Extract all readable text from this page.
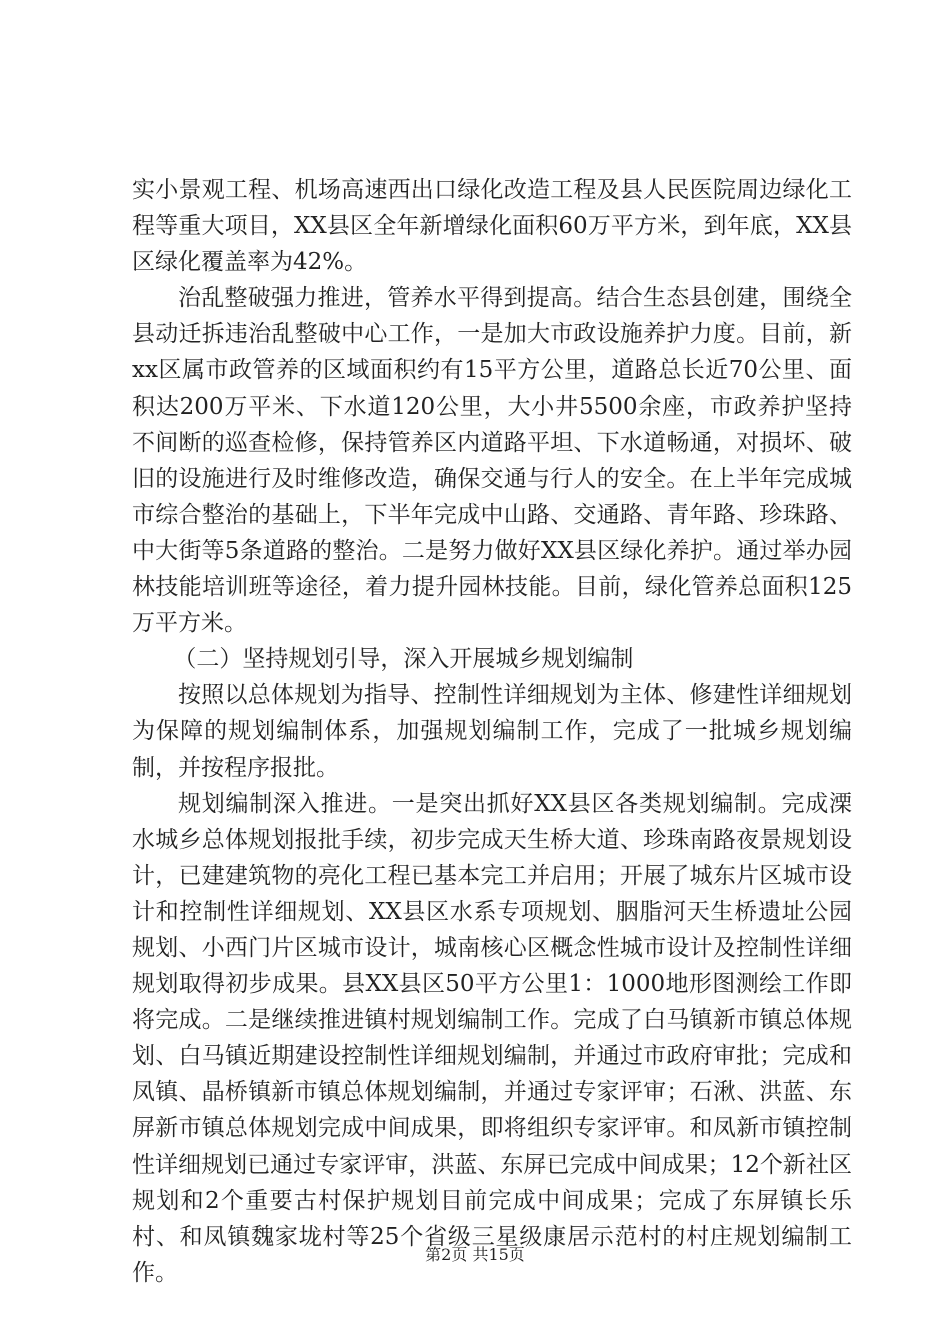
实小景观工程、机场高速西出口绿化改造工程及县人民医院周边绿化工程等重大项目，XX县区全年新增绿化面积60万平方米，到年底，XX县区绿化覆盖率为42%。

治乱整破强力推进，管养水平得到提高。结合生态县创建，围绕全县动迁拆违治乱整破中心工作，一是加大市政设施养护力度。目前，新xx区属市政管养的区域面积约有15平方公里，道路总长近70公里、面积达200万平米、下水道120公里，大小井5500余座，市政养护坚持不间断的巡查检修，保持管养区内道路平坦、下水道畅通，对损坏、破旧的设施进行及时维修改造，确保交通与行人的安全。在上半年完成城市综合整治的基础上，下半年完成中山路、交通路、青年路、珍珠路、中大街等5条道路的整治。二是努力做好XX县区绿化养护。通过举办园林技能培训班等途径，着力提升园林技能。目前，绿化管养总面积125万平方米。

（二）坚持规划引导，深入开展城乡规划编制

按照以总体规划为指导、控制性详细规划为主体、修建性详细规划为保障的规划编制体系，加强规划编制工作，完成了一批城乡规划编制，并按程序报批。

规划编制深入推进。一是突出抓好XX县区各类规划编制。完成溧水城乡总体规划报批手续，初步完成天生桥大道、珍珠南路夜景规划设计，已建建筑物的亮化工程已基本完工并启用；开展了城东片区城市设计和控制性详细规划、XX县区水系专项规划、胭脂河天生桥遗址公园规划、小西门片区城市设计，城南核心区概念性城市设计及控制性详细规划取得初步成果。县XX县区50平方公里1：1000地形图测绘工作即将完成。二是继续推进镇村规划编制工作。完成了白马镇新市镇总体规划、白马镇近期建设控制性详细规划编制，并通过市政府审批；完成和凤镇、晶桥镇新市镇总体规划编制，并通过专家评审；石湫、洪蓝、东屏新市镇总体规划完成中间成果，即将组织专家评审。和凤新市镇控制性详细规划已通过专家评审，洪蓝、东屏已完成中间成果；12个新社区规划和2个重要古村保护规划目前完成中间成果；完成了东屏镇长乐村、和凤镇魏家垅村等25个省级三星级康居示范村的村庄规划编制工作。

第2页 共15页
